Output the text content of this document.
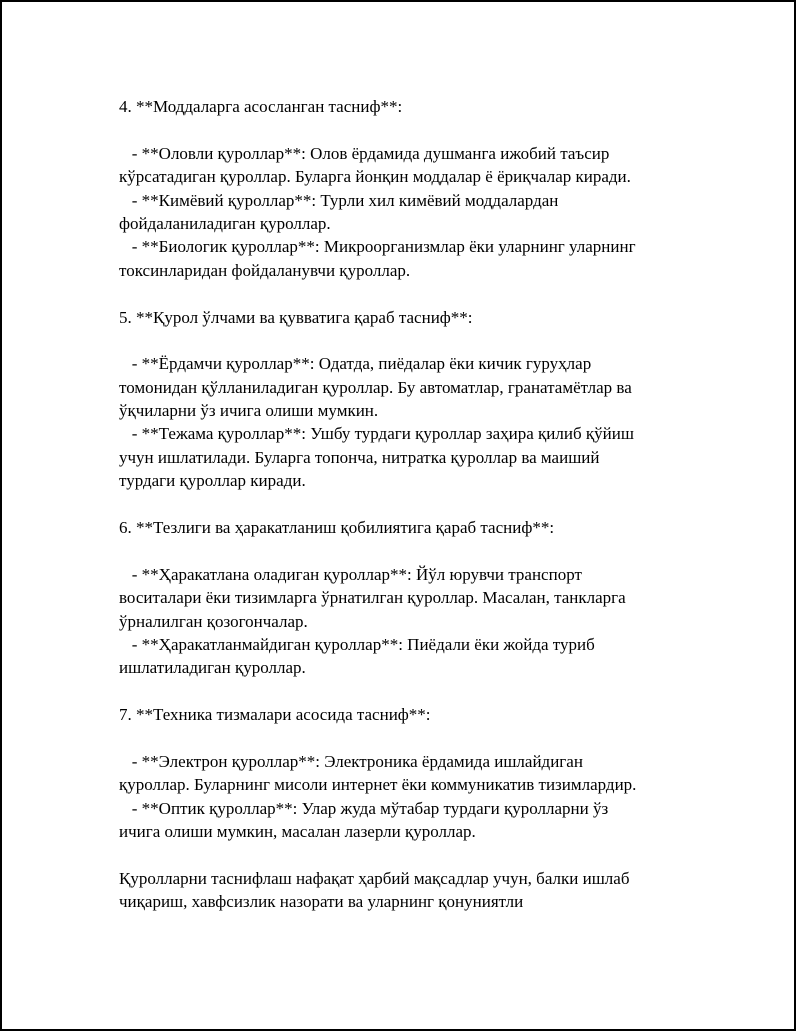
4. **Моддаларга асосланган тасниф**:
- **Оловли қуроллар**: Олов ёрдамида душманга ижобий таъсир
кўрсатадиган қуроллар. Буларга йонқин моддалар ё ёриқчалар киради.
- **Кимёвий қуроллар**: Турли хил кимёвий моддалардан
фойдаланиладиган қуроллар.
- **Биологик қуроллар**: Микроорганизмлар ёки уларнинг уларнинг
токсинларидан фойдаланувчи қуроллар.
5. **Қурол ўлчами ва қувватига қараб тасниф**:
- **Ёрдамчи қуроллар**: Одатда, пиёдалар ёки кичик гуруҳлар
томонидан қўлланиладиган қуроллар. Бу автоматлар, гранатамётлар ва
ўқчиларни ўз ичига олиши мумкин.
- **Тежама қуроллар**: Ушбу турдаги қуроллар заҳира қилиб қўйиш
учун ишлатилади. Буларга топонча, нитратка қуроллар ва маиший
турдаги қуроллар киради.
6. **Тезлиги ва ҳаракатланиш қобилиятига қараб тасниф**:
- **Ҳаракатлана оладиган қуроллар**: Йўл юрувчи транспорт
воситалари ёки тизимларга ўрнатилган қуроллар. Масалан, танкларга
ўрналилган қозогончалар.
- **Ҳаракатланмайдиган қуроллар**: Пиёдали ёки жойда туриб
ишлатиладиган қуроллар.
7. **Техника тизмалари асосида тасниф**:
- **Электрон қуроллар**: Электроника ёрдамида ишлайдиган
қуроллар. Буларнинг мисоли интернет ёки коммуникатив тизимлардир.
- **Оптик қуроллар**: Улар жуда мўтабар турдаги қуролларни ўз
ичига олиши мумкин, масалан лазерли қуроллар.
Қуролларни таснифлаш нафақат ҳарбий мақсадлар учун, балки ишлаб
чиқариш, хавфсизлик назорати ва уларнинг қонуниятли
